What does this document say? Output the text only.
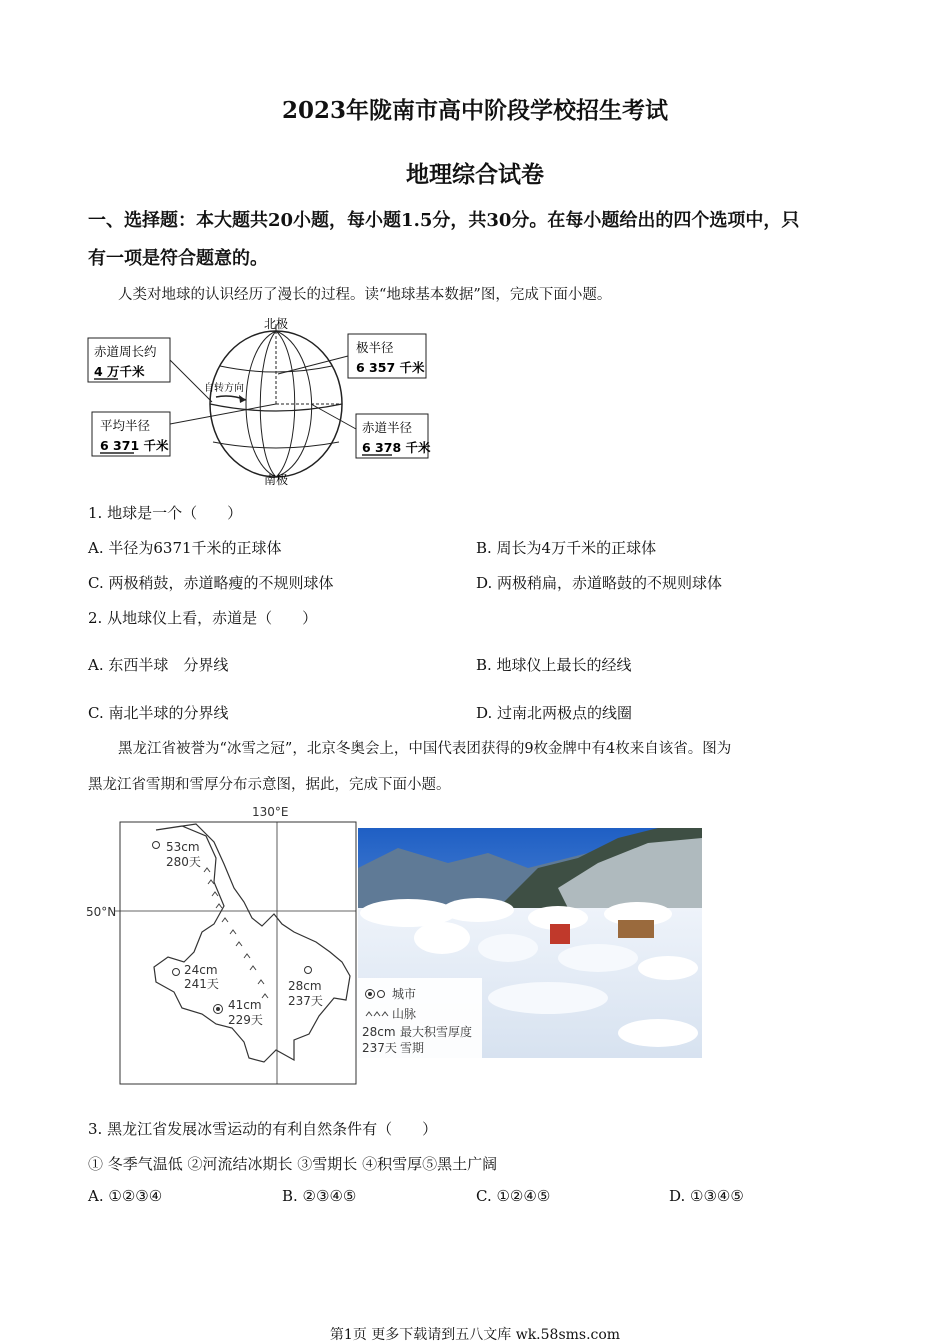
2023年陇南市高中阶段学校招生考试
地理综合试卷
一、选择题：本大题共20小题，每小题1.5分，共30分。在每小题给出的四个选项中，只
有一项是符合题意的。
人类对地球的认识经历了漫长的过程。读“地球基本数据”图，完成下面小题。
北极
南极
自转方向
赤道周长约
4 万千米
平均半径
6 371 千米
极半径
6 357 千米
赤道半径
6 378 千米
1. 地球是一个（　　）
A. 半径为6371千米的正球体	B. 周长为4万千米的正球体
C. 两极稍鼓，赤道略瘦的不规则球体	D. 两极稍扁，赤道略鼓的不规则球体
2. 从地球仪上看，赤道是（　　）
A. 东西半球　分界线	B. 地球仪上最长的经线
C. 南北半球的分界线	D. 过南北两极点的线圈
黑龙江省被誉为“冰雪之冠”，北京冬奥会上，中国代表团获得的9枚金牌中有4枚来自该省。图为
黑龙江省雪期和雪厚分布示意图，据此，完成下面小题。
130°E
50°N
53cm
280天
24cm
241天
41cm
229天
28cm
237天	城市
山脉
28cm 最大积雪厚度
237天 雪期
3. 黑龙江省发展冰雪运动的有利自然条件有（　　）
① 冬季气温低 ②河流结冰期长 ③雪期长 ④积雪厚⑤黑土广阔
A. ①②③④	B. ②③④⑤	C. ①②④⑤	D. ①③④⑤
第1页 更多下载请到五八文库 wk.58sms.com
